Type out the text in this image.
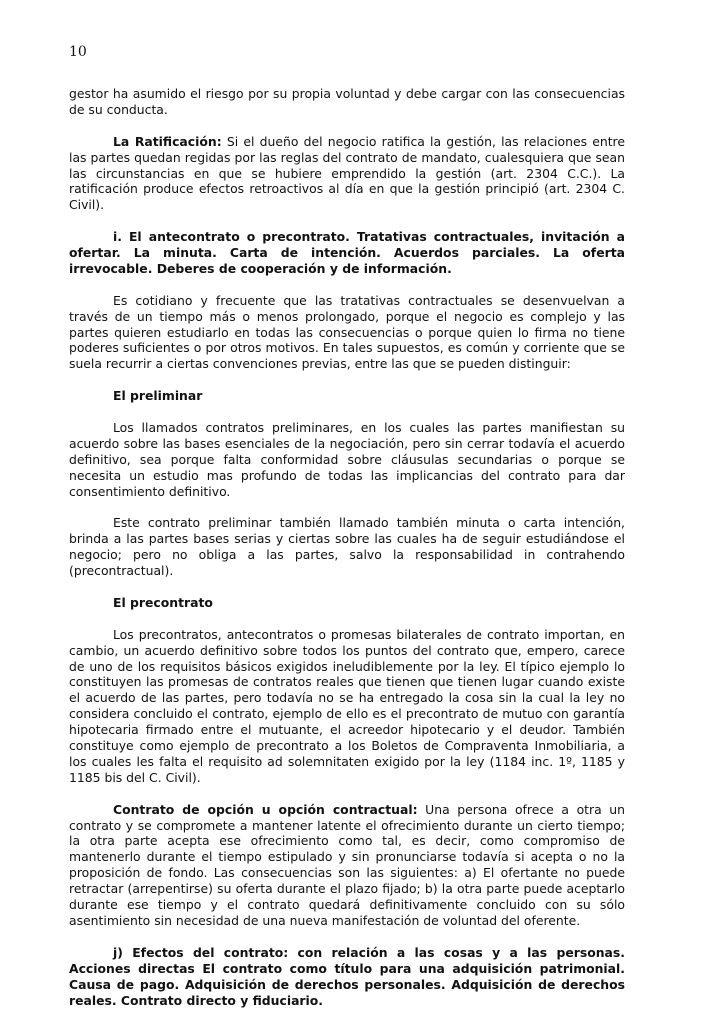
10

gestor ha asumido el riesgo por su propia voluntad y debe cargar con las consecuencias de su conducta.

La Ratificación: Si el dueño del negocio ratifica la gestión, las relaciones entre las partes quedan regidas por las reglas del contrato de mandato, cualesquiera que sean las circunstancias en que se hubiere emprendido la gestión (art. 2304 C.C.). La ratificación produce efectos retroactivos al día en que la gestión principió (art. 2304 C. Civil).

i. El antecontrato o precontrato. Tratativas contractuales, invitación a ofertar. La minuta. Carta de intención. Acuerdos parciales. La oferta irrevocable. Deberes de cooperación y de información.

Es cotidiano y frecuente que las tratativas contractuales se desenvuelvan a través de un tiempo más o menos prolongado, porque el negocio es complejo y las partes quieren estudiarlo en todas las consecuencias o porque quien lo firma no tiene poderes suficientes o por otros motivos. En tales supuestos, es común y corriente que se suela recurrir a ciertas convenciones previas, entre las que se pueden distinguir:

El preliminar

Los llamados contratos preliminares, en los cuales las partes manifiestan su acuerdo sobre las bases esenciales de la negociación, pero sin cerrar todavía el acuerdo definitivo, sea porque falta conformidad sobre cláusulas secundarias o porque se necesita un estudio mas profundo de todas las implicancias del contrato para dar consentimiento definitivo.

Este contrato preliminar también llamado también minuta o carta intención, brinda a las partes bases serias y ciertas sobre las cuales ha de seguir estudiándose el negocio; pero no obliga a las partes, salvo la responsabilidad in contrahendo (precontractual).

El precontrato

Los precontratos, antecontratos o promesas bilaterales de contrato importan, en cambio, un acuerdo definitivo sobre todos los puntos del contrato que, empero, carece de uno de los requisitos básicos exigidos ineludiblemente por la ley. El típico ejemplo lo constituyen las promesas de contratos reales que tienen que tienen lugar cuando existe el acuerdo de las partes, pero todavía no se ha entregado la cosa sin la cual la ley no considera concluido el contrato, ejemplo de ello es el precontrato de mutuo con garantía hipotecaria firmado entre el mutuante, el acreedor hipotecario y el deudor. También constituye como ejemplo de precontrato a los Boletos de Compraventa Inmobiliaria, a los cuales les falta el requisito ad solemnitaten exigido por la ley (1184 inc. 1º, 1185 y 1185 bis del C. Civil).

Contrato de opción u opción contractual: Una persona ofrece a otra un contrato y se compromete a mantener latente el ofrecimiento durante un cierto tiempo; la otra parte acepta ese ofrecimiento como tal, es decir, como compromiso de mantenerlo durante el tiempo estipulado y sin pronunciarse todavía si acepta o no la proposición de fondo. Las consecuencias son las siguientes: a) El ofertante no puede retractar (arrepentirse) su oferta durante el plazo fijado; b) la otra parte puede aceptarlo durante ese tiempo y el contrato quedará definitivamente concluido con su sólo asentimiento sin necesidad de una nueva manifestación de voluntad del oferente.

j) Efectos del contrato: con relación a las cosas y a las personas. Acciones directas El contrato como título para una adquisición patrimonial. Causa de pago. Adquisición de derechos personales. Adquisición de derechos reales. Contrato directo y fiduciario.
